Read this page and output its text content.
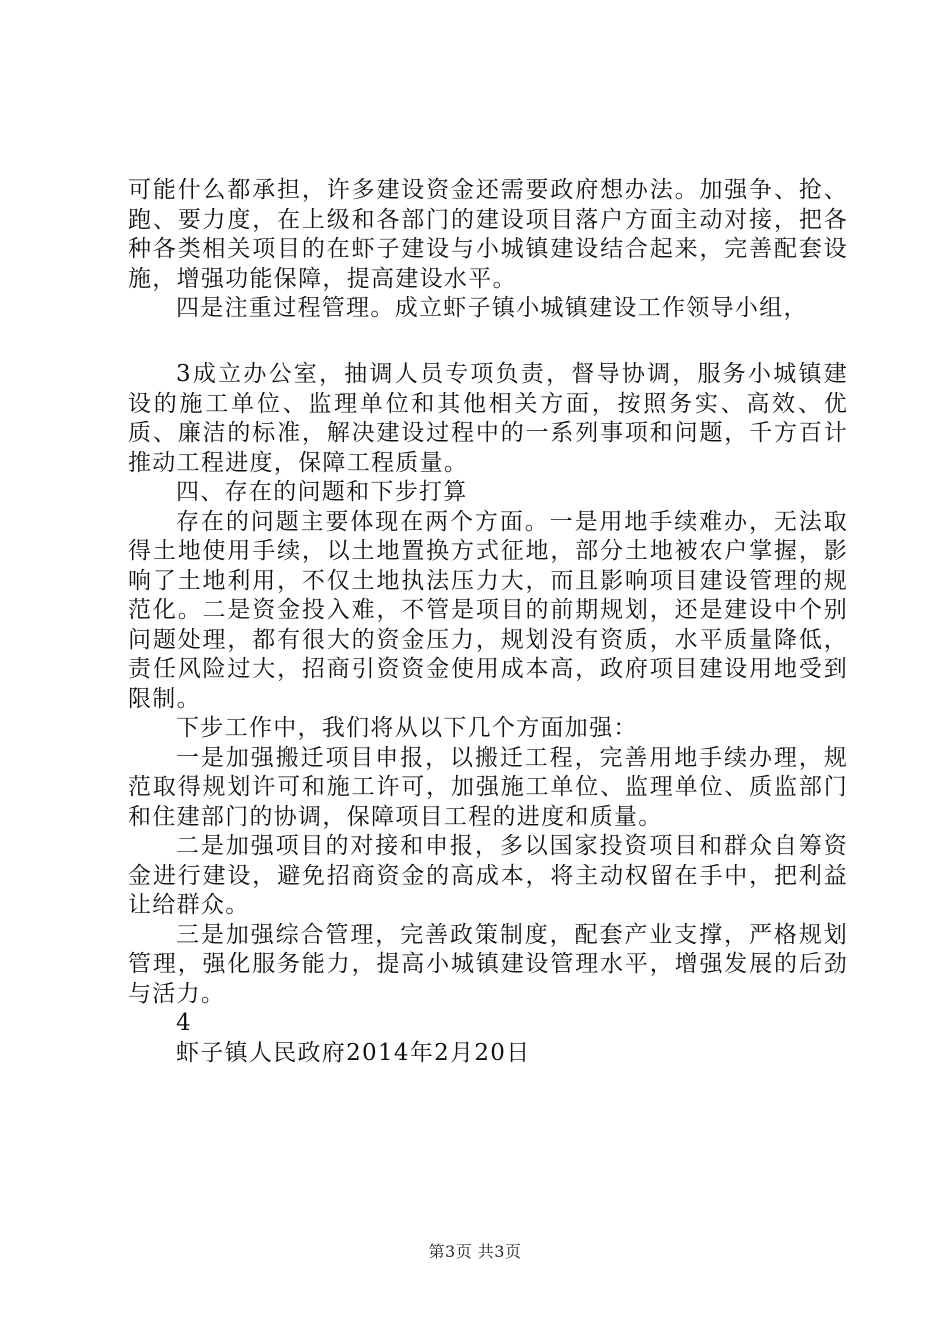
可能什么都承担，许多建设资金还需要政府想办法。加强争、抢、跑、要力度，在上级和各部门的建设项目落户方面主动对接，把各种各类相关项目的在虾子建设与小城镇建设结合起来，完善配套设施，增强功能保障，提高建设水平。

四是注重过程管理。成立虾子镇小城镇建设工作领导小组，

3成立办公室，抽调人员专项负责，督导协调，服务小城镇建设的施工单位、监理单位和其他相关方面，按照务实、高效、优质、廉洁的标准，解决建设过程中的一系列事项和问题，千方百计推动工程进度，保障工程质量。

四、存在的问题和下步打算

存在的问题主要体现在两个方面。一是用地手续难办，无法取得土地使用手续，以土地置换方式征地，部分土地被农户掌握，影响了土地利用，不仅土地执法压力大，而且影响项目建设管理的规范化。二是资金投入难，不管是项目的前期规划，还是建设中个别问题处理，都有很大的资金压力，规划没有资质，水平质量降低，责任风险过大，招商引资资金使用成本高，政府项目建设用地受到限制。

下步工作中，我们将从以下几个方面加强：

一是加强搬迁项目申报，以搬迁工程，完善用地手续办理，规范取得规划许可和施工许可，加强施工单位、监理单位、质监部门和住建部门的协调，保障项目工程的进度和质量。

二是加强项目的对接和申报，多以国家投资项目和群众自筹资金进行建设，避免招商资金的高成本，将主动权留在手中，把利益让给群众。

三是加强综合管理，完善政策制度，配套产业支撑，严格规划管理，强化服务能力，提高小城镇建设管理水平，增强发展的后劲与活力。

4

虾子镇人民政府2014年2月20日

第3页 共3页
